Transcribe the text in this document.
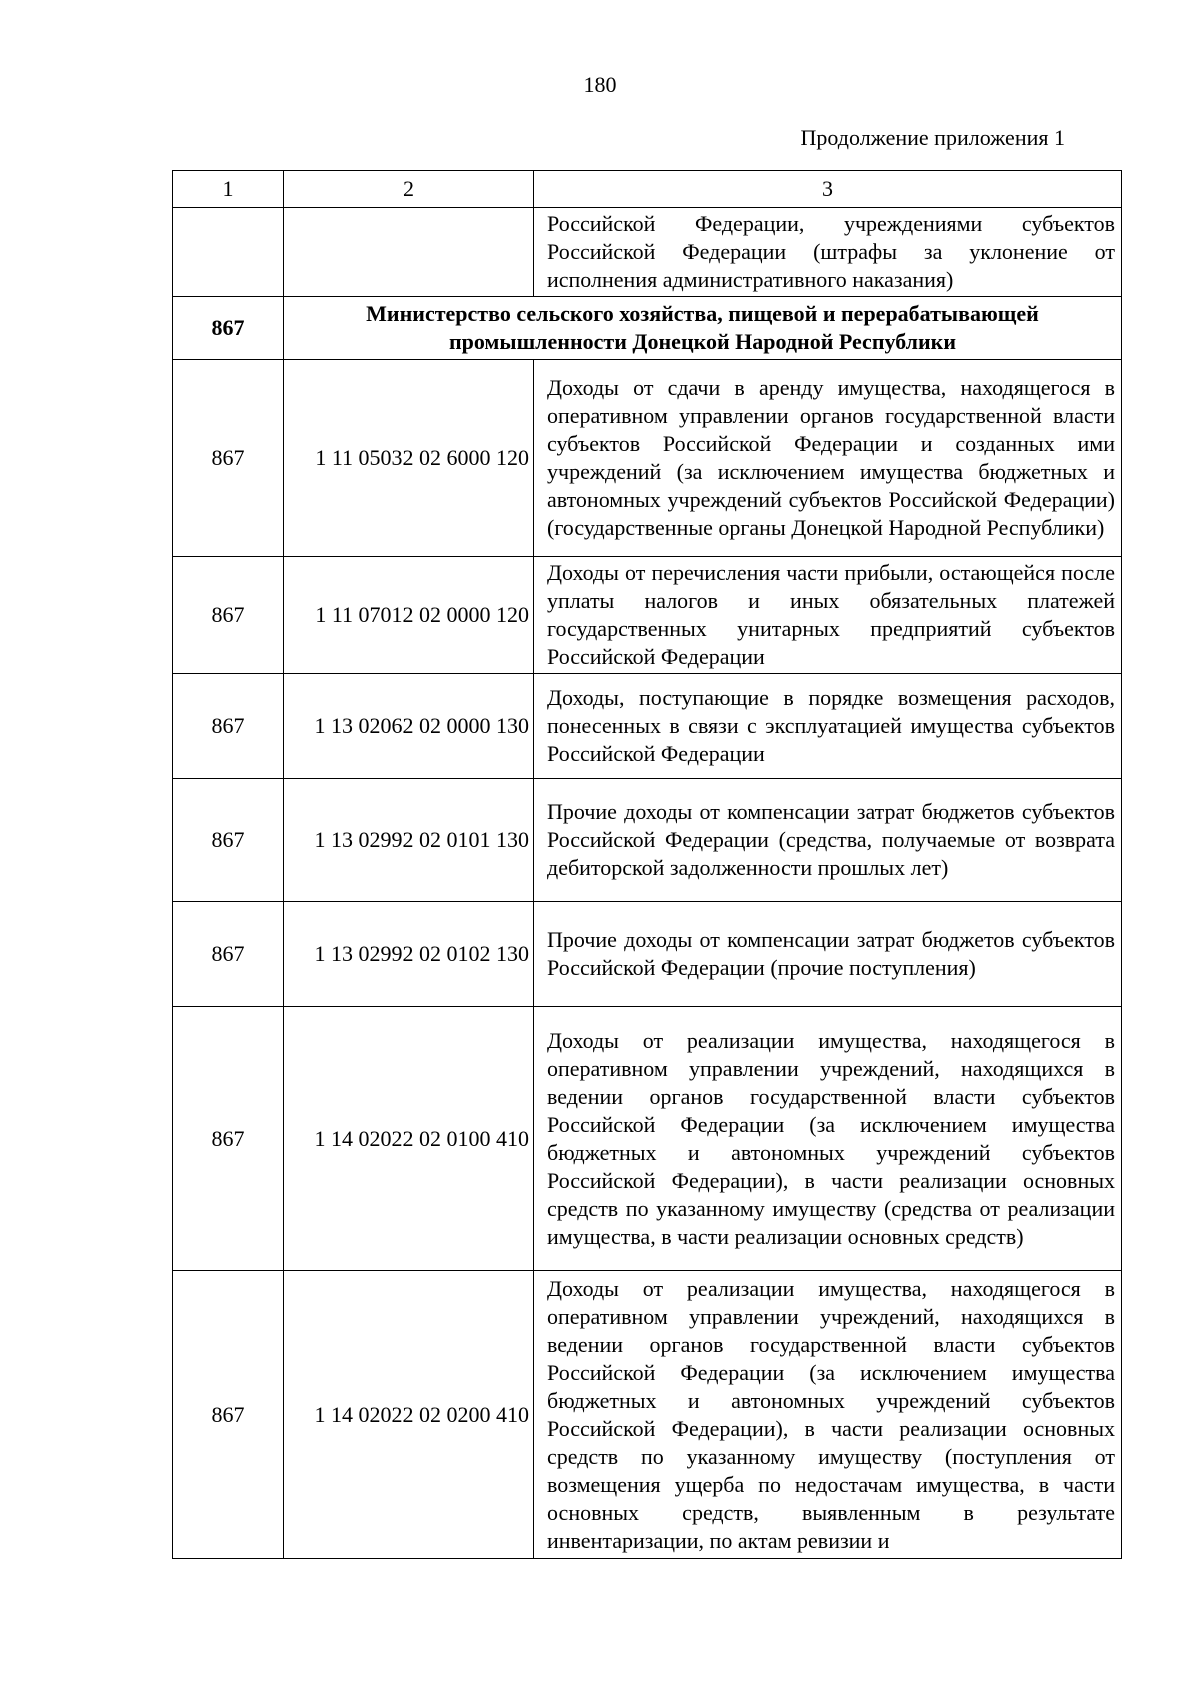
180
Продолжение приложения 1
1	2	3
		Российской Федерации, учреждениями субъектов Российской Федерации (штрафы за уклонение от исполнения административного наказания)
867	Министерство сельского хозяйства, пищевой и перерабатывающей промышленности Донецкой Народной Республики	
867	1 11 05032 02 6000 120	Доходы от сдачи в аренду имущества, находящегося в оперативном управлении органов государственной власти субъектов Российской Федерации и созданных ими учреждений (за исключением имущества бюджетных и автономных учреждений субъектов Российской Федерации) (государственные органы Донецкой Народной Республики)
867	1 11 07012 02 0000 120	Доходы от перечисления части прибыли, остающейся после уплаты налогов и иных обязательных платежей государственных унитарных предприятий субъектов Российской Федерации
867	1 13 02062 02 0000 130	Доходы, поступающие в порядке возмещения расходов, понесенных в связи с эксплуатацией имущества субъектов Российской Федерации
867	1 13 02992 02 0101 130	Прочие доходы от компенсации затрат бюджетов субъектов Российской Федерации (средства, получаемые от возврата дебиторской задолженности прошлых лет)
867	1 13 02992 02 0102 130	Прочие доходы от компенсации затрат бюджетов субъектов Российской Федерации (прочие поступления)
867	1 14 02022 02 0100 410	Доходы от реализации имущества, находящегося в оперативном управлении учреждений, находящихся в ведении органов государственной власти субъектов Российской Федерации (за исключением имущества бюджетных и автономных учреждений субъектов Российской Федерации), в части реализации основных средств по указанному имуществу (средства от реализации имущества, в части реализации основных средств)
867	1 14 02022 02 0200 410	Доходы от реализации имущества, находящегося в оперативном управлении учреждений, находящихся в ведении органов государственной власти субъектов Российской Федерации (за исключением имущества бюджетных и автономных учреждений субъектов Российской Федерации), в части реализации основных средств по указанному имуществу (поступления от возмещения ущерба по недостачам имущества, в части основных средств, выявленным в результате инвентаризации, по актам ревизии и
